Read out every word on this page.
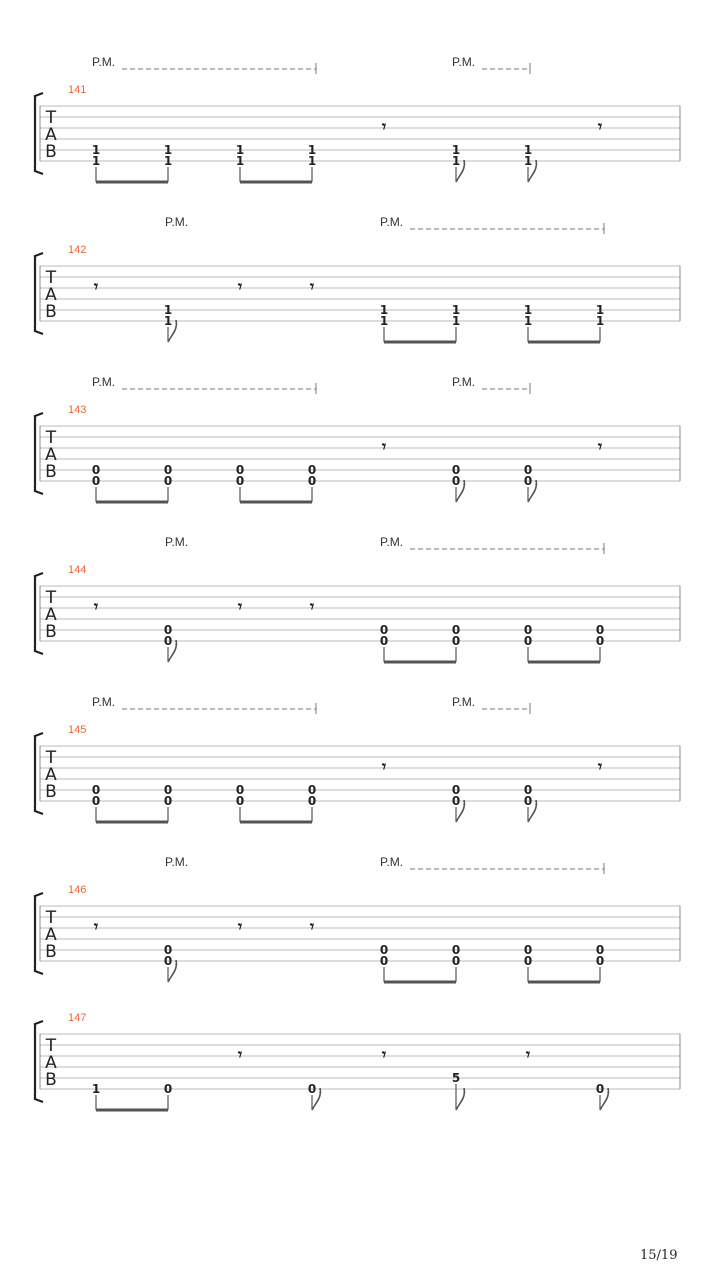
T
A
B
141
P.M.	P.M.
1
1
1
1
1
1
1
1
𝄾
1
1
1
1
𝄾
T
A
B
142
P.M.	P.M.
𝄾
1
1
𝄾	𝄾
1
1
1
1
1
1
1
1
T
A
B
143
P.M.	P.M.
0
0
0
0
0
0
0
0
𝄾
0
0
0
0
𝄾
T
A
B
144
P.M.	P.M.
𝄾
0
0
𝄾	𝄾
0
0
0
0
0
0
0
0
T
A
B
145
P.M.	P.M.
0
0
0
0
0
0
0
0
𝄾
0
0
0
0
𝄾
T
A
B
146
P.M.	P.M.
𝄾
0
0
𝄾	𝄾
0
0
0
0
0
0
0
0
T
A
B
147
1	0
𝄾
0
𝄾
5
𝄾
0
15/19
